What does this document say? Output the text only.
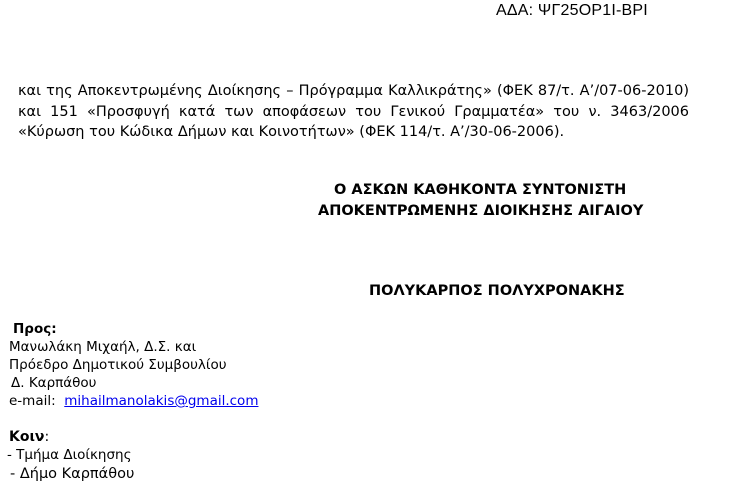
ΑΔΑ: ΨΓ25ΟΡ1Ι-ΒΡΙ
και της Αποκεντρωμένης Διοίκησης – Πρόγραμμα Καλλικράτης» (ΦΕΚ 87/τ. Α’/07-06-2010)
και 151 «Προσφυγή κατά των αποφάσεων του Γενικού Γραμματέα» του ν. 3463/2006
«Κύρωση του Κώδικα Δήμων και Κοινοτήτων» (ΦΕΚ 114/τ. Α’/30-06-2006).
Ο ΑΣΚΩΝ ΚΑΘΗΚΟΝΤΑ ΣΥΝΤΟΝΙΣΤΗ
ΑΠΟΚΕΝΤΡΩΜΕΝΗΣ ΔΙΟΙΚΗΣΗΣ ΑΙΓΑΙΟΥ
ΠΟΛΥΚΑΡΠΟΣ ΠΟΛΥΧΡΟΝΑΚΗΣ
Προς:
Μανωλάκη Μιχαήλ, Δ.Σ. και
Πρόεδρο Δημοτικού Συμβουλίου
Δ. Καρπάθου
e-mail: mihailmanolakis@gmail.com
Κοιν:
- Τμήμα Διοίκησης
- Δήμο Καρπάθου
